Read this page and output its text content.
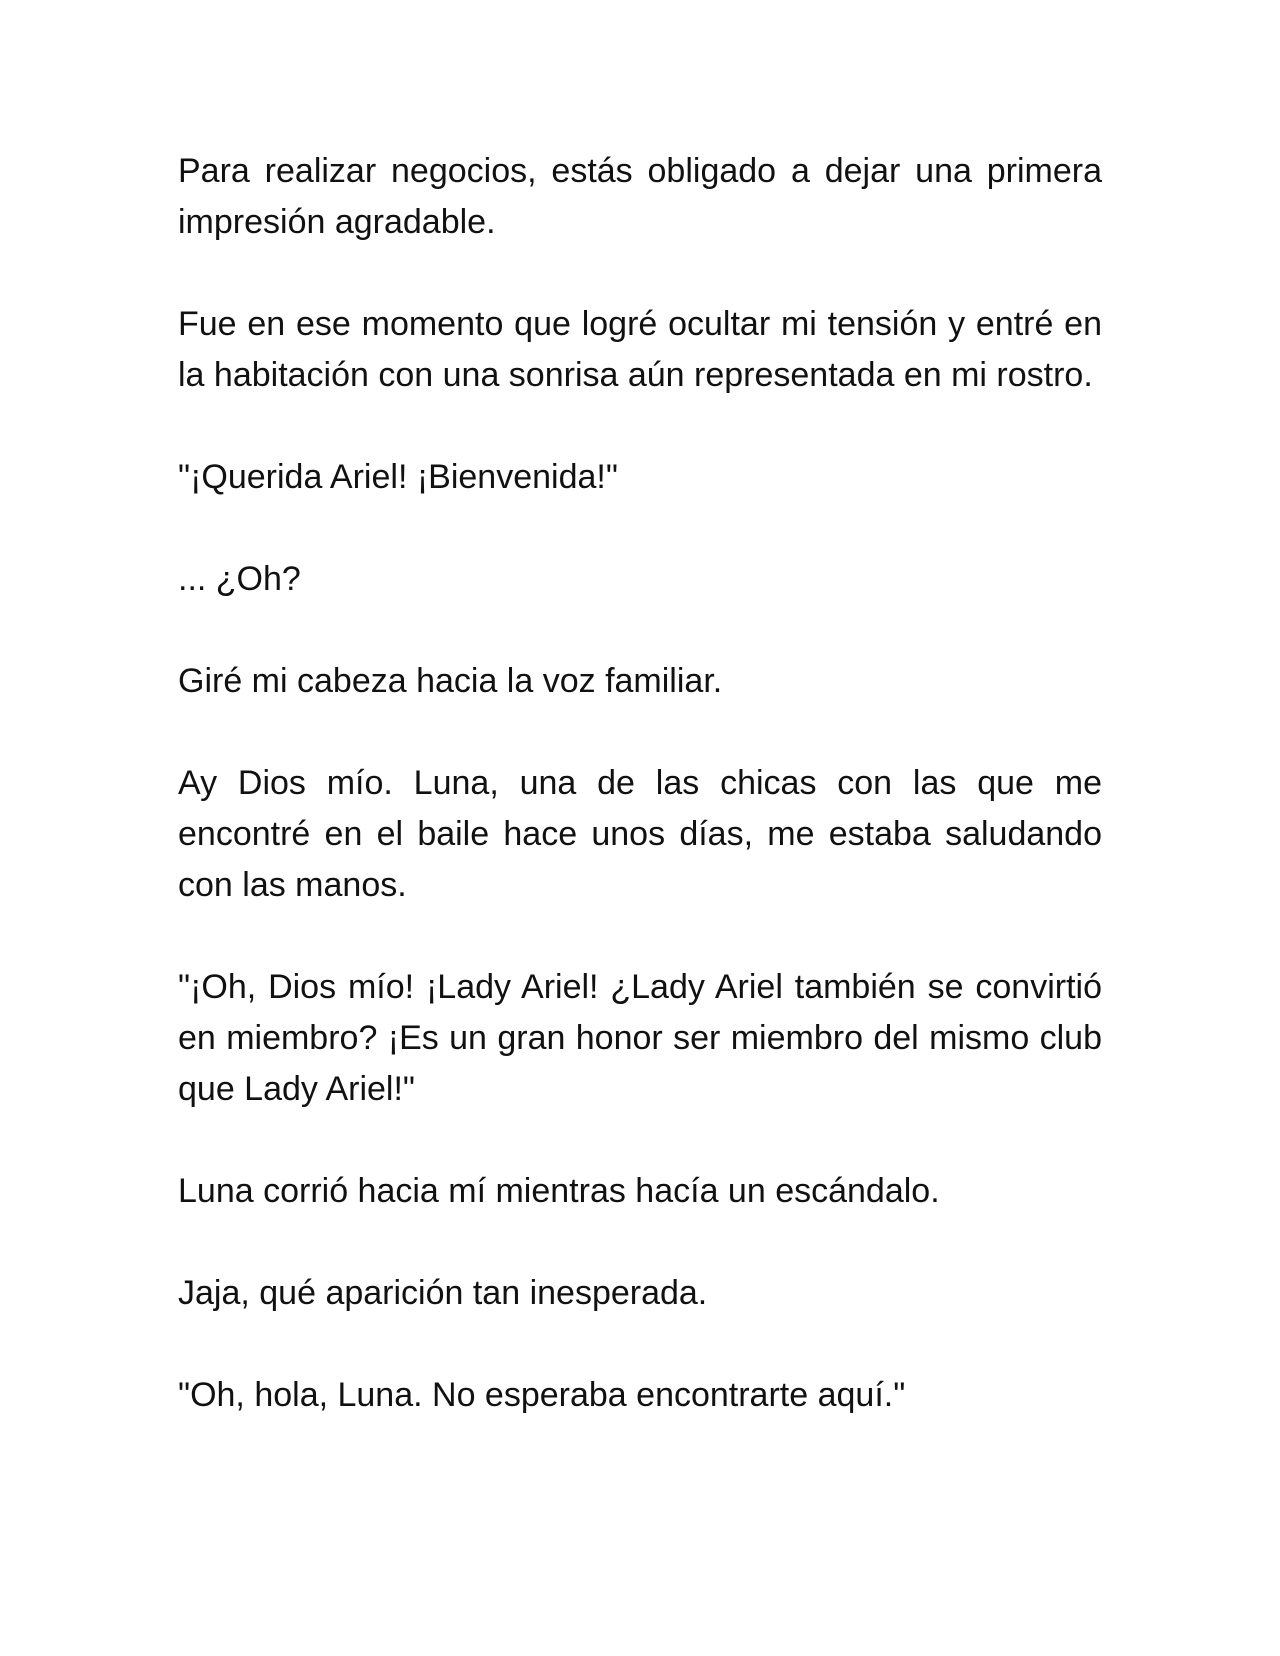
Para realizar negocios, estás obligado a dejar una primera impresión agradable.

Fue en ese momento que logré ocultar mi tensión y entré en la habitación con una sonrisa aún representada en mi rostro.

"¡Querida Ariel! ¡Bienvenida!"

... ¿Oh?

Giré mi cabeza hacia la voz familiar.

Ay Dios mío. Luna, una de las chicas con las que me encontré en el baile hace unos días, me estaba saludando con las manos.

"¡Oh, Dios mío! ¡Lady Ariel! ¿Lady Ariel también se convirtió en miembro? ¡Es un gran honor ser miembro del mismo club que Lady Ariel!"

Luna corrió hacia mí mientras hacía un escándalo.

Jaja, qué aparición tan inesperada.

"Oh, hola, Luna. No esperaba encontrarte aquí."
